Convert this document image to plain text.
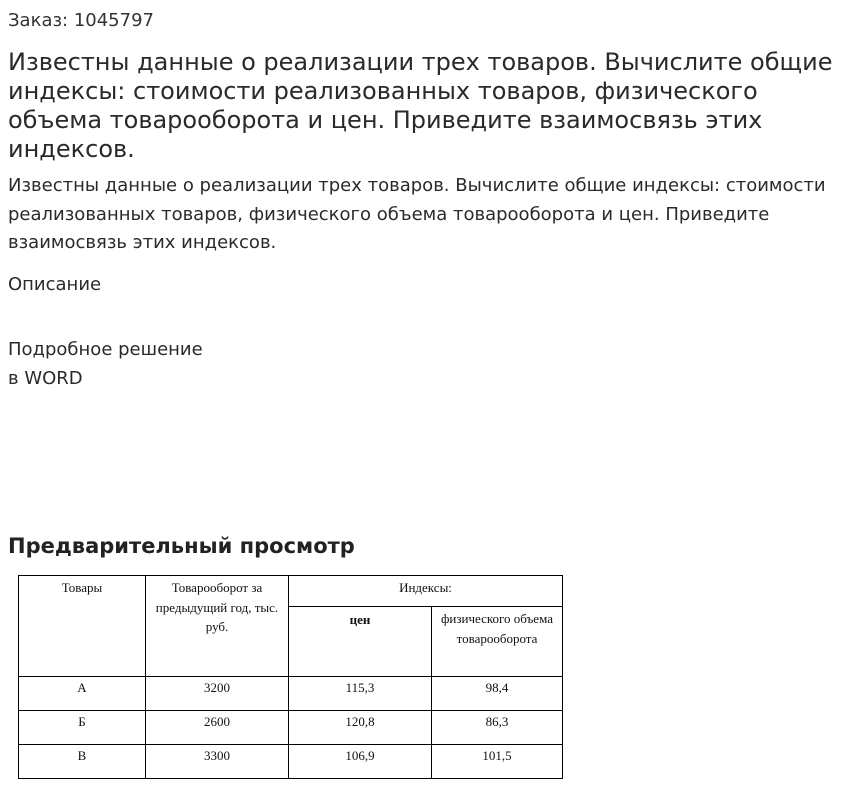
Заказ: 1045797
Известны данные о реализации трех товаров. Вычислите общие индексы: стоимости реализованных товаров, физического объема товарооборота и цен. Приведите взаимосвязь этих индексов.

Известны данные о реализации трех товаров. Вычислите общие индексы: стоимости реализованных товаров, физического объема товарооборота и цен. Приведите взаимосвязь этих индексов.

Описание
Подробное решение
в WORD
Предварительный просмотр
Товары	Товарооборот за предыдущий год, тыс. руб.	Индексы:	
		цен	физического объема товарооборота
А	3200	115,3	98,4
Б	2600	120,8	86,3
В	3300	106,9	101,5
